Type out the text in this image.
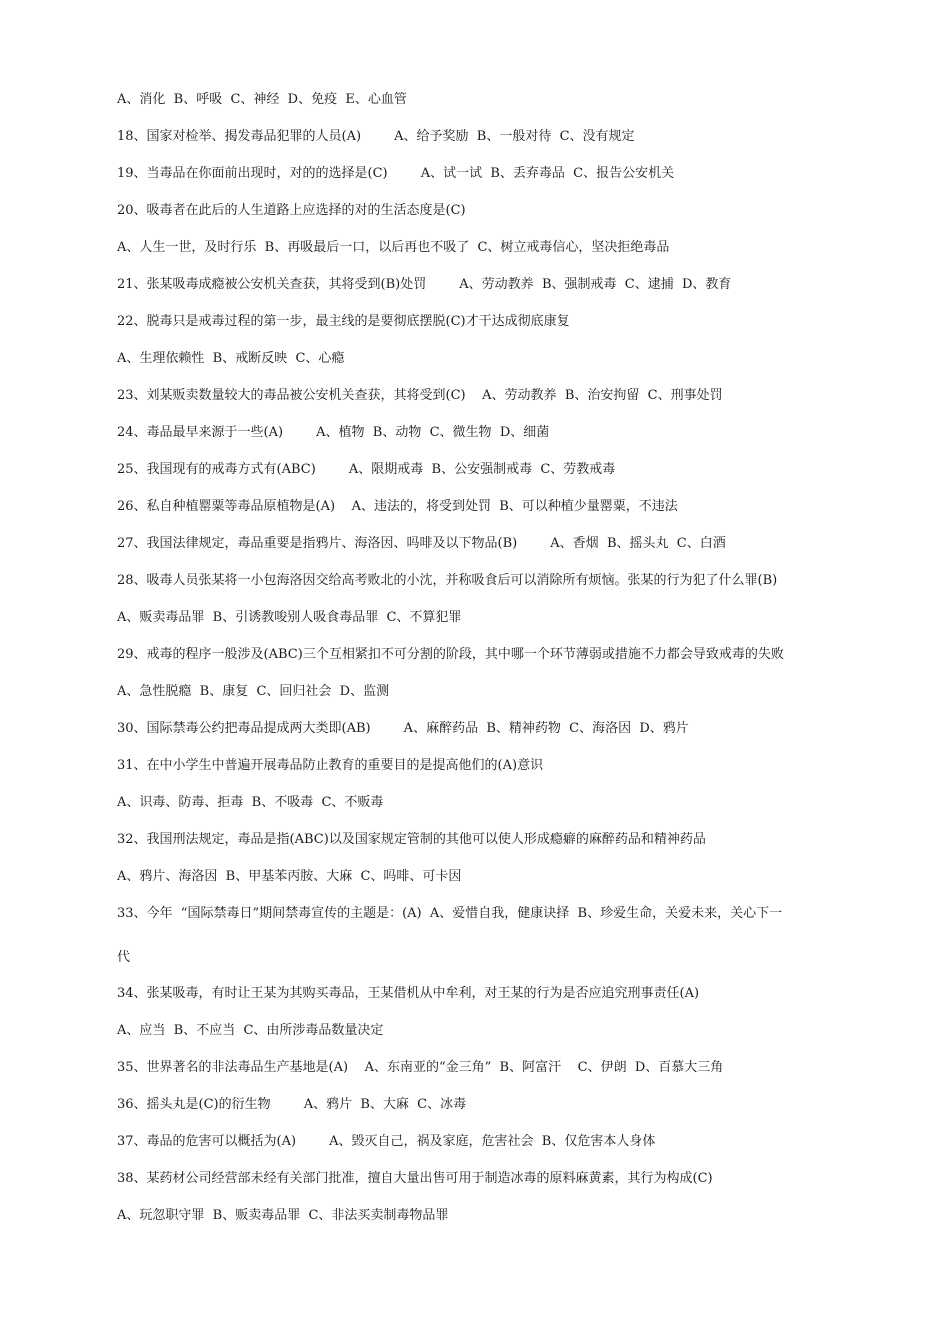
A、消化  B、呼吸  C、神经  D、免疫  E、心血管
18、国家对检举、揭发毒品犯罪的人员(A)        A、给予奖励  B、一般对待  C、没有规定
19、当毒品在你面前出现时，对的的选择是(C)        A、试一试  B、丢弃毒品  C、报告公安机关
20、吸毒者在此后的人生道路上应选择的对的生活态度是(C)
A、人生一世，及时行乐  B、再吸最后一口，以后再也不吸了  C、树立戒毒信心，坚决拒绝毒品
21、张某吸毒成瘾被公安机关查获，其将受到(B)处罚        A、劳动教养  B、强制戒毒  C、逮捕  D、教育
22、脱毒只是戒毒过程的第一步，最主线的是要彻底摆脱(C)才干达成彻底康复
A、生理依赖性  B、戒断反映  C、心瘾
23、刘某贩卖数量较大的毒品被公安机关查获，其将受到(C)    A、劳动教养  B、治安拘留  C、刑事处罚
24、毒品最早来源于一些(A)        A、植物  B、动物  C、微生物  D、细菌
25、我国现有的戒毒方式有(ABC)        A、限期戒毒  B、公安强制戒毒  C、劳教戒毒
26、私自种植罂粟等毒品原植物是(A)    A、违法的，将受到处罚  B、可以种植少量罂粟，不违法
27、我国法律规定，毒品重要是指鸦片、海洛因、吗啡及以下物品(B)        A、香烟  B、摇头丸  C、白酒
28、吸毒人员张某将一小包海洛因交给高考败北的小沈，并称吸食后可以消除所有烦恼。张某的行为犯了什么罪(B)
A、贩卖毒品罪  B、引诱教唆别人吸食毒品罪  C、不算犯罪
29、戒毒的程序一般涉及(ABC)三个互相紧扣不可分割的阶段，其中哪一个环节薄弱或措施不力都会导致戒毒的失败
A、急性脱瘾  B、康复  C、回归社会  D、监测
30、国际禁毒公约把毒品提成两大类即(AB)        A、麻醉药品  B、精神药物  C、海洛因  D、鸦片
31、在中小学生中普遍开展毒品防止教育的重要目的是提高他们的(A)意识
A、识毒、防毒、拒毒  B、不吸毒  C、不贩毒
32、我国刑法规定，毒品是指(ABC)以及国家规定管制的其他可以使人形成瘾癖的麻醉药品和精神药品
A、鸦片、海洛因  B、甲基苯丙胺、大麻  C、吗啡、可卡因
33、今年  “国际禁毒日”期间禁毒宣传的主题是：(A)  A、爱惜自我，健康诀择  B、珍爱生命，关爱未来，关心下一
代
34、张某吸毒，有时让王某为其购买毒品，王某借机从中牟利，对王某的行为是否应追究刑事责任(A)
A、应当  B、不应当  C、由所涉毒品数量决定
35、世界著名的非法毒品生产基地是(A)    A、东南亚的“金三角”  B、阿富汗    C、伊朗  D、百慕大三角
36、摇头丸是(C)的衍生物        A、鸦片  B、大麻  C、冰毒
37、毒品的危害可以概括为(A)        A、毁灭自己，祸及家庭，危害社会  B、仅危害本人身体
38、某药材公司经营部未经有关部门批准，擅自大量出售可用于制造冰毒的原料麻黄素，其行为构成(C)
A、玩忽职守罪  B、贩卖毒品罪  C、非法买卖制毒物品罪
